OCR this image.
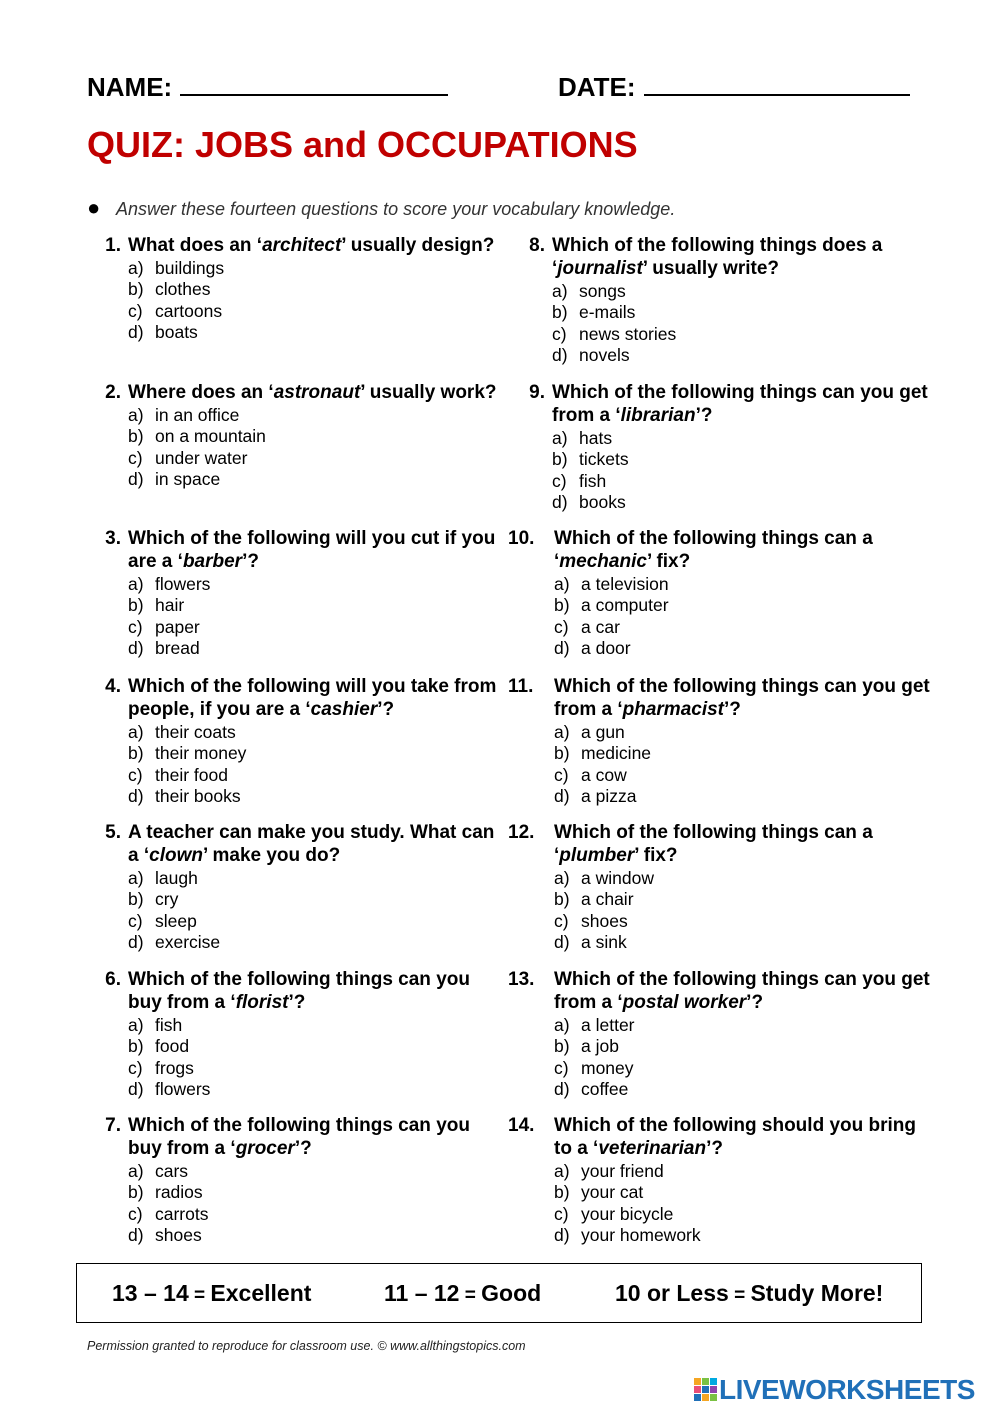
NAME:	DATE:
QUIZ: JOBS and OCCUPATIONS
● Answer these fourteen questions to score your vocabulary knowledge.
1. What does an ‘architect’ usually design?
a) buildings
b) clothes
c) cartoons
d) boats
2. Where does an ‘astronaut’ usually work?
a) in an office
b) on a mountain
c) under water
d) in space
3. Which of the following will you cut if you are a ‘barber’?
a) flowers
b) hair
c) paper
d) bread
4. Which of the following will you take from people, if you are a ‘cashier’?
a) their coats
b) their money
c) their food
d) their books
5. A teacher can make you study. What can a ‘clown’ make you do?
a) laugh
b) cry
c) sleep
d) exercise
6. Which of the following things can you buy from a ‘florist’?
a) fish
b) food
c) frogs
d) flowers
7. Which of the following things can you buy from a ‘grocer’?
a) cars
b) radios
c) carrots
d) shoes
8. Which of the following things does a ‘journalist’ usually write?
a) songs
b) e-mails
c) news stories
d) novels
9. Which of the following things can you get from a ‘librarian’?
a) hats
b) tickets
c) fish
d) books
10.	Which of the following things can a ‘mechanic’ fix?
a) a television
b) a computer
c) a car
d) a door
11.	Which of the following things can you get from a ‘pharmacist’?
a) a gun
b) medicine
c) a cow
d) a pizza
12.	Which of the following things can a ‘plumber’ fix?
a) a window
b) a chair
c) shoes
d) a sink
13.	Which of the following things can you get from a ‘postal worker’?
a) a letter
b) a job
c) money
d) coffee
14.	Which of the following should you bring to a ‘veterinarian’?
a) your friend
b) your cat
c) your bicycle
d) your homework
13 – 14 = Excellent	11 – 12 = Good	10 or Less = Study More!
Permission granted to reproduce for classroom use. © www.allthingstopics.com
LIVEWORKSHEETS
